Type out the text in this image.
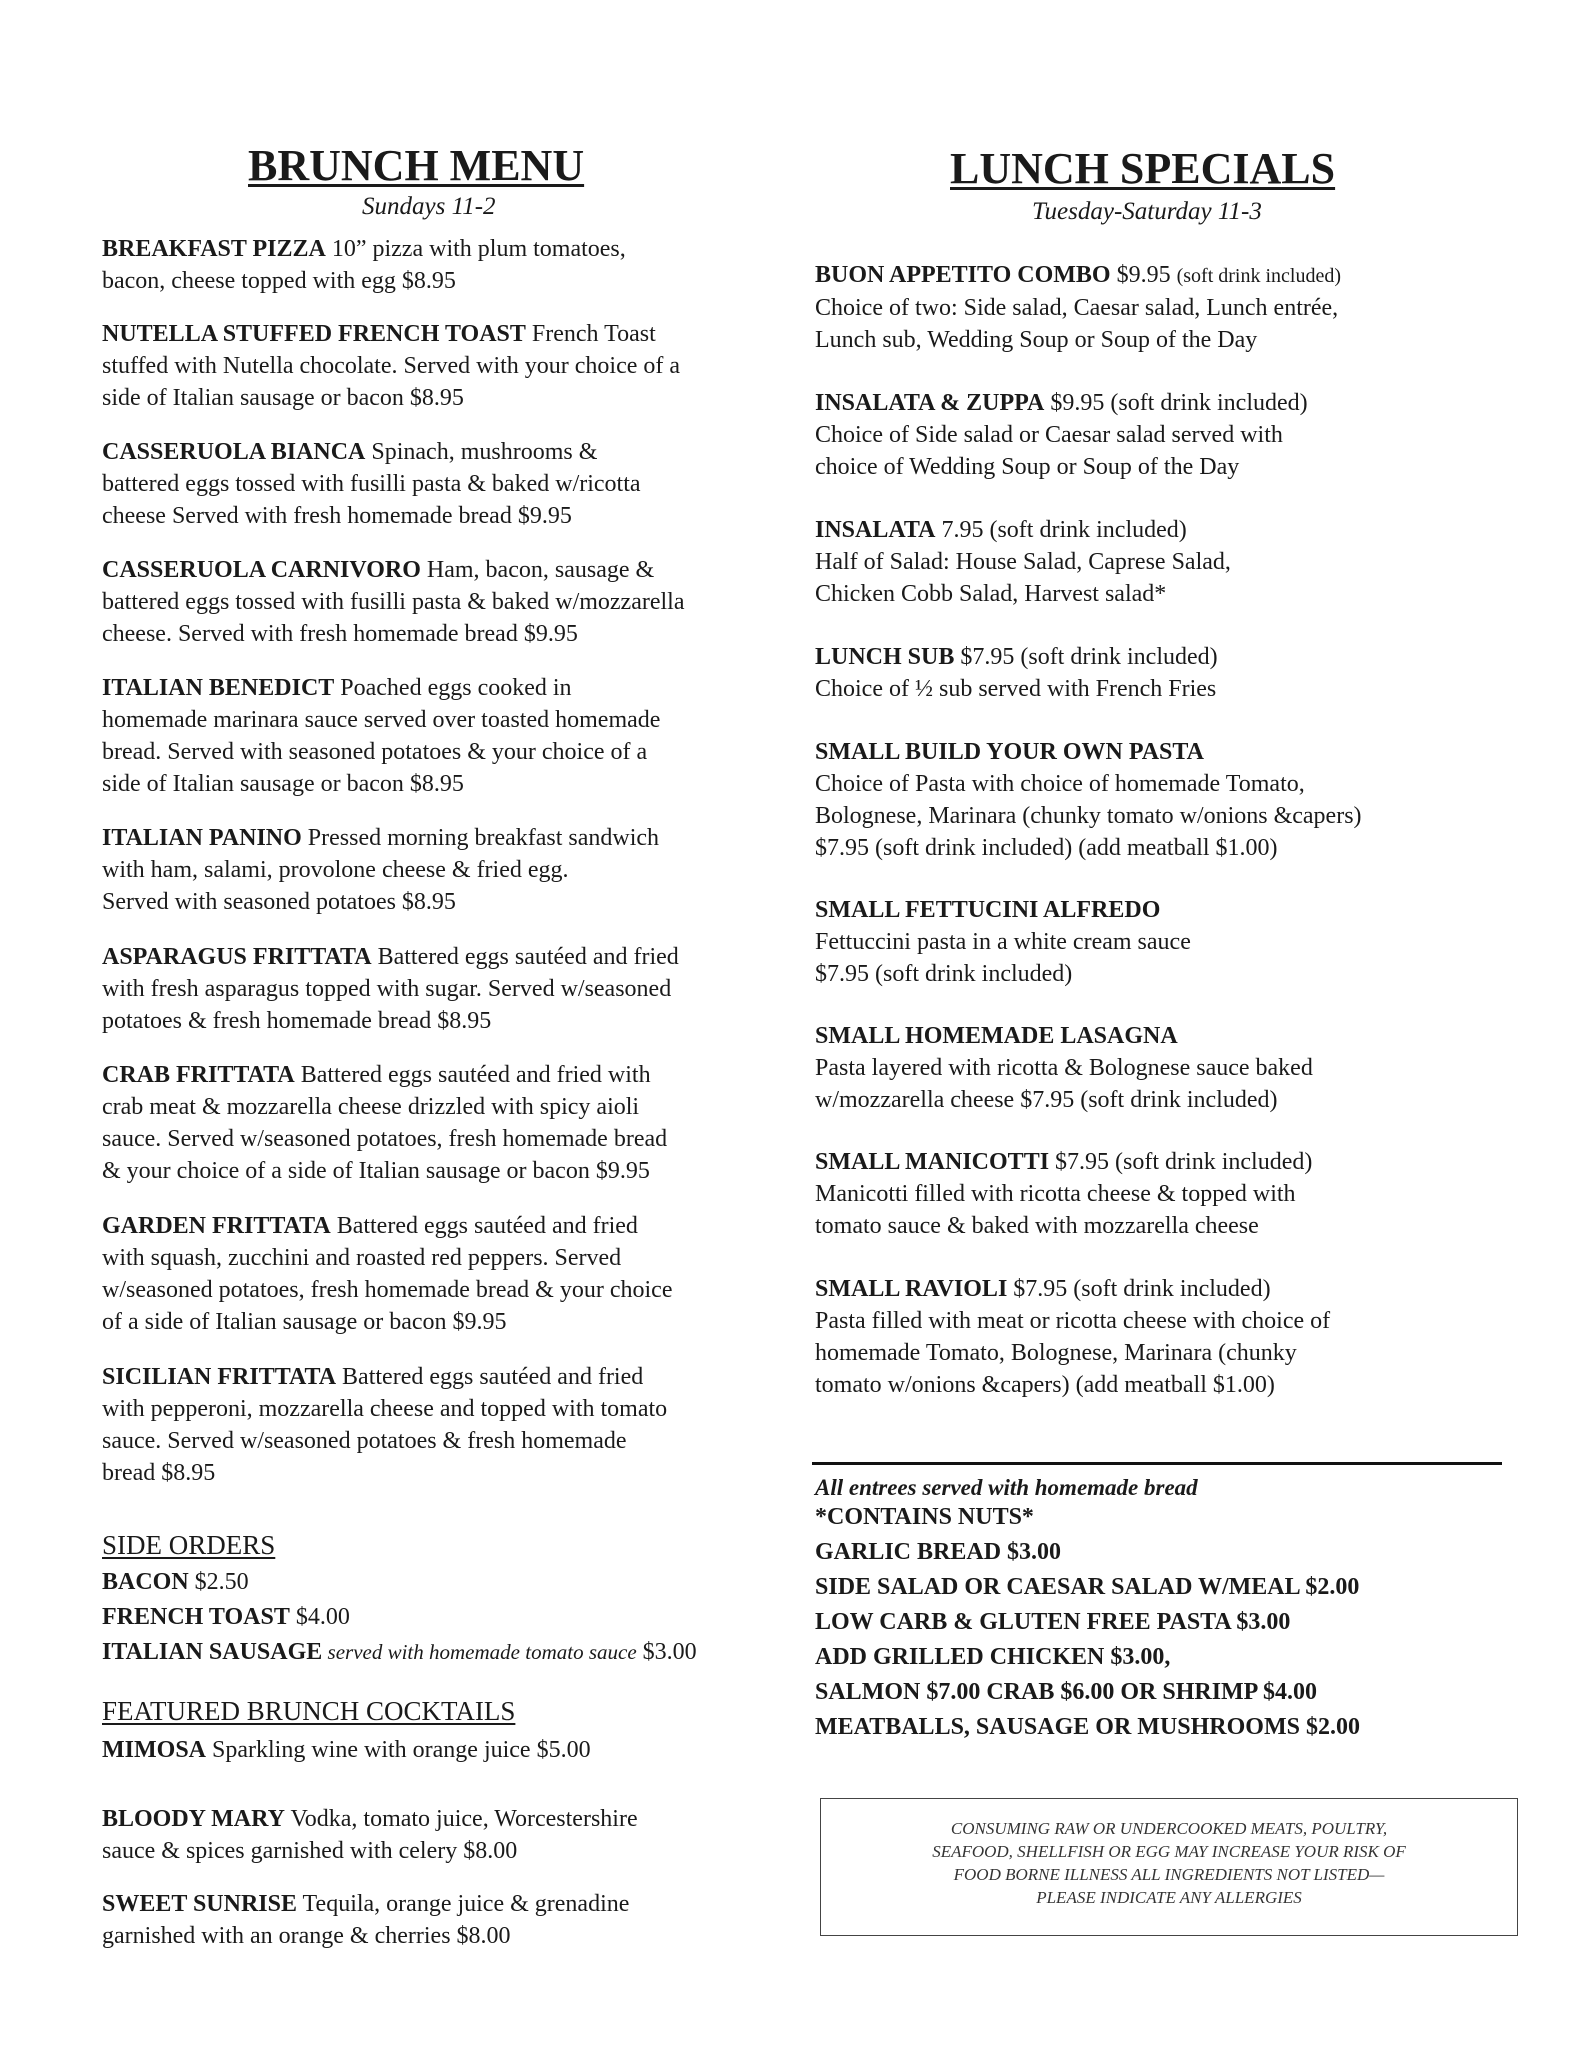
BRUNCH MENU

Sundays 11-2

BREAKFAST PIZZA 10” pizza with plum tomatoes,
bacon, cheese topped with egg $8.95

NUTELLA STUFFED FRENCH TOAST French Toast
stuffed with Nutella chocolate. Served with your choice of a
side of Italian sausage or bacon $8.95

CASSERUOLA BIANCA Spinach, mushrooms &
battered eggs tossed with fusilli pasta & baked w/ricotta
cheese Served with fresh homemade bread $9.95

CASSERUOLA CARNIVORO Ham, bacon, sausage &
battered eggs tossed with fusilli pasta & baked w/mozzarella
cheese. Served with fresh homemade bread $9.95

ITALIAN BENEDICT Poached eggs cooked in
homemade marinara sauce served over toasted homemade
bread. Served with seasoned potatoes & your choice of a
side of Italian sausage or bacon $8.95

ITALIAN PANINO Pressed morning breakfast sandwich
with ham, salami, provolone cheese & fried egg.
Served with seasoned potatoes $8.95

ASPARAGUS FRITTATA Battered eggs sautéed and fried
with fresh asparagus topped with sugar. Served w/seasoned
potatoes & fresh homemade bread $8.95

CRAB FRITTATA Battered eggs sautéed and fried with
crab meat & mozzarella cheese drizzled with spicy aioli
sauce. Served w/seasoned potatoes, fresh homemade bread
& your choice of a side of Italian sausage or bacon $9.95

GARDEN FRITTATA Battered eggs sautéed and fried
with squash, zucchini and roasted red peppers. Served
w/seasoned potatoes, fresh homemade bread & your choice
of a side of Italian sausage or bacon $9.95

SICILIAN FRITTATA Battered eggs sautéed and fried
with pepperoni, mozzarella cheese and topped with tomato
sauce. Served w/seasoned potatoes & fresh homemade
bread $8.95

SIDE ORDERS

BACON $2.50

FRENCH TOAST $4.00

ITALIAN SAUSAGE served with homemade tomato sauce $3.00

FEATURED BRUNCH COCKTAILS

MIMOSA Sparkling wine with orange juice $5.00

BLOODY MARY Vodka, tomato juice, Worcestershire
sauce & spices garnished with celery $8.00

SWEET SUNRISE Tequila, orange juice & grenadine
garnished with an orange & cherries $8.00

LUNCH SPECIALS

Tuesday-Saturday 11-3

BUON APPETITO COMBO $9.95 (soft drink included)
Choice of two: Side salad, Caesar salad, Lunch entrée,
Lunch sub, Wedding Soup or Soup of the Day

INSALATA & ZUPPA $9.95 (soft drink included)
Choice of Side salad or Caesar salad served with
choice of Wedding Soup or Soup of the Day

INSALATA 7.95 (soft drink included)
Half of Salad: House Salad, Caprese Salad,
Chicken Cobb Salad, Harvest salad*

LUNCH SUB $7.95 (soft drink included)
Choice of ½ sub served with French Fries

SMALL BUILD YOUR OWN PASTA
Choice of Pasta with choice of homemade Tomato,
Bolognese, Marinara (chunky tomato w/onions &capers)
$7.95 (soft drink included) (add meatball $1.00)

SMALL FETTUCINI ALFREDO
Fettuccini pasta in a white cream sauce
$7.95 (soft drink included)

SMALL HOMEMADE LASAGNA
Pasta layered with ricotta & Bolognese sauce baked
w/mozzarella cheese $7.95 (soft drink included)

SMALL MANICOTTI $7.95 (soft drink included)
Manicotti filled with ricotta cheese & topped with
tomato sauce & baked with mozzarella cheese

SMALL RAVIOLI $7.95 (soft drink included)
Pasta filled with meat or ricotta cheese with choice of
homemade Tomato, Bolognese, Marinara (chunky
tomato w/onions &capers) (add meatball $1.00)

All entrees served with homemade bread

*CONTAINS NUTS*

GARLIC BREAD $3.00

SIDE SALAD OR CAESAR SALAD W/MEAL $2.00

LOW CARB & GLUTEN FREE PASTA $3.00

ADD GRILLED CHICKEN $3.00,

SALMON $7.00 CRAB $6.00 OR SHRIMP $4.00

MEATBALLS, SAUSAGE OR MUSHROOMS $2.00

CONSUMING RAW OR UNDERCOOKED MEATS, POULTRY,

SEAFOOD, SHELLFISH OR EGG MAY INCREASE YOUR RISK OF

FOOD BORNE ILLNESS ALL INGREDIENTS NOT LISTED—

PLEASE INDICATE ANY ALLERGIES
